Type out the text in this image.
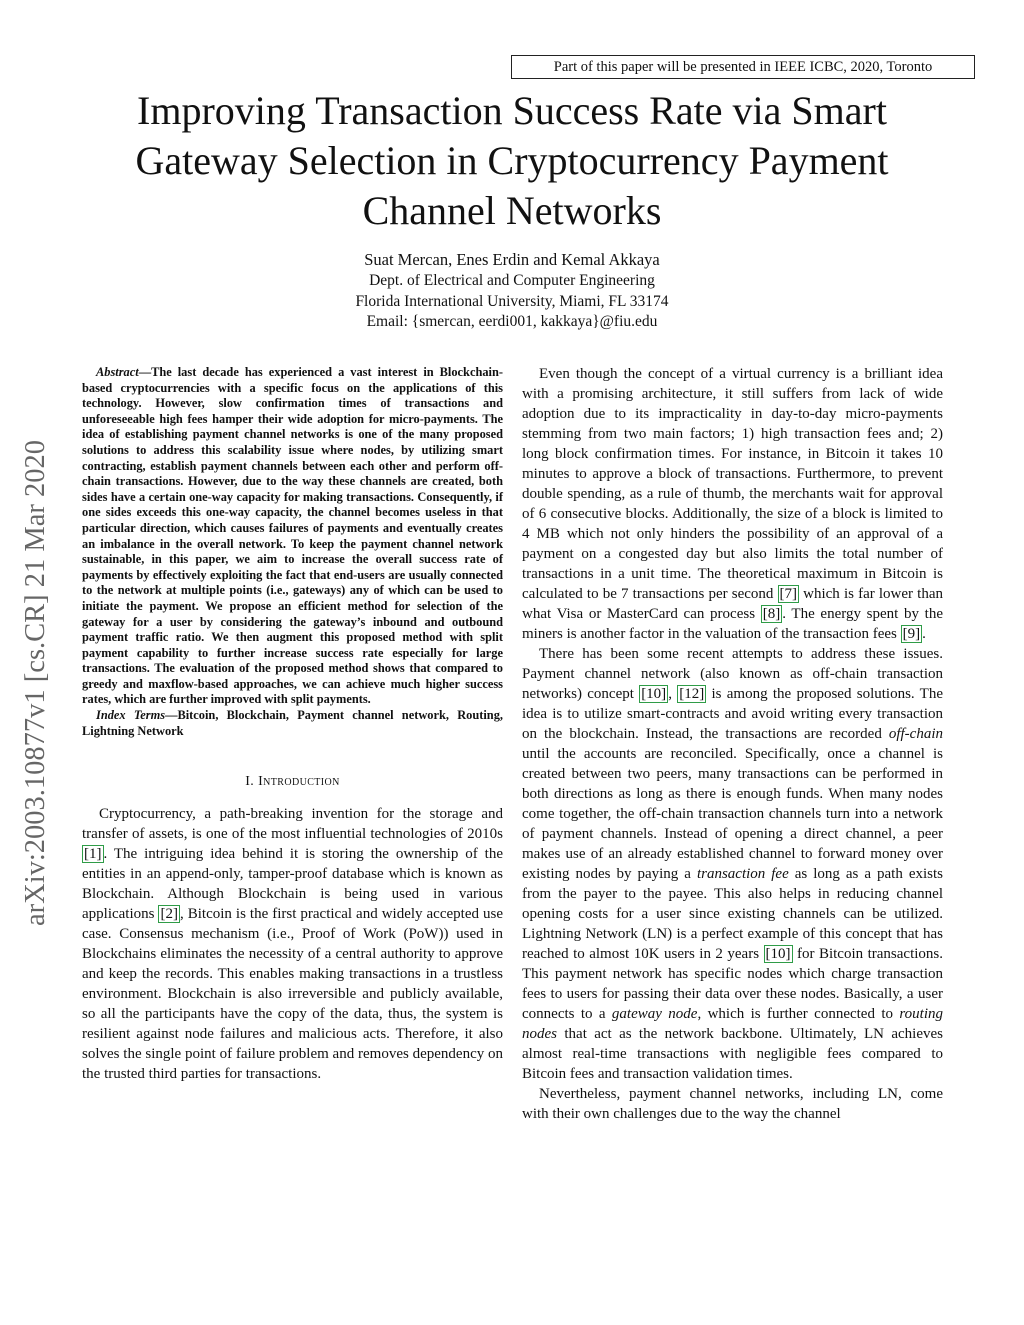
Part of this paper will be presented in IEEE ICBC, 2020, Toronto
Improving Transaction Success Rate via Smart
Gateway Selection in Cryptocurrency Payment
Channel Networks
Suat Mercan, Enes Erdin and Kemal Akkaya
Dept. of Electrical and Computer Engineering
Florida International University, Miami, FL 33174
Email: {smercan, eerdi001, kakkaya}@fiu.edu
arXiv:2003.10877v1 [cs.CR] 21 Mar 2020

Abstract—The last decade has experienced a vast interest in Blockchain-based cryptocurrencies with a specific focus on the applications of this technology. However, slow confirmation times of transactions and unforeseeable high fees hamper their wide adoption for micro-payments. The idea of establishing payment channel networks is one of the many proposed solutions to address this scalability issue where nodes, by utilizing smart contracting, establish payment channels between each other and perform off-chain transactions. However, due to the way these channels are created, both sides have a certain one-way capacity for making transactions. Consequently, if one sides exceeds this one-way capacity, the channel becomes useless in that particular direction, which causes failures of payments and eventually creates an imbalance in the overall network. To keep the payment channel network sustainable, in this paper, we aim to increase the overall success rate of payments by effectively exploiting the fact that end-users are usually connected to the network at multiple points (i.e., gateways) any of which can be used to initiate the payment. We propose an efficient method for selection of the gateway for a user by considering the gateway’s inbound and outbound payment traffic ratio. We then augment this proposed method with split payment capability to further increase success rate especially for large transactions. The evaluation of the proposed method shows that compared to greedy and maxflow-based approaches, we can achieve much higher success rates, which are further improved with split payments.

Index Terms—Bitcoin, Blockchain, Payment channel network, Routing, Lightning Network

I. Introduction

Cryptocurrency, a path-breaking invention for the storage and transfer of assets, is one of the most influential technologies of 2010s [1] . The intriguing idea behind it is storing the ownership of the entities in an append-only, tamper-proof database which is known as Blockchain. Although Blockchain is being used in various applications [2] , Bitcoin is the first practical and widely accepted use case. Consensus mechanism (i.e., Proof of Work (PoW)) used in Blockchains eliminates the necessity of a central authority to approve and keep the records. This enables making transactions in a trustless environment. Blockchain is also irreversible and publicly available, so all the participants have the copy of the data, thus, the system is resilient against node failures and malicious acts. Therefore, it also solves the single point of failure problem and removes dependency on the trusted third parties for transactions.

Even though the concept of a virtual currency is a brilliant idea with a promising architecture, it still suffers from lack of wide adoption due to its impracticality in day-to-day micro-payments stemming from two main factors; 1) high transaction fees and; 2) long block confirmation times. For instance, in Bitcoin it takes 10 minutes to approve a block of transactions. Furthermore, to prevent double spending, as a rule of thumb, the merchants wait for approval of 6 consecutive blocks. Additionally, the size of a block is limited to 4 MB which not only hinders the possibility of an approval of a payment on a congested day but also limits the total number of transactions in a unit time. The theoretical maximum in Bitcoin is calculated to be 7 transactions per second [7] which is far lower than what Visa or MasterCard can process [8] . The energy spent by the miners is another factor in the valuation of the transaction fees [9] .

There has been some recent attempts to address these issues. Payment channel network (also known as off-chain transaction networks) concept [10] , [12] is among the proposed solutions. The idea is to utilize smart-contracts and avoid writing every transaction on the blockchain. Instead, the transactions are recorded off-chain until the accounts are reconciled. Specifically, once a channel is created between two peers, many transactions can be performed in both directions as long as there is enough funds. When many nodes come together, the off-chain transaction channels turn into a network of payment channels. Instead of opening a direct channel, a peer makes use of an already established channel to forward money over existing nodes by paying a transaction fee as long as a path exists from the payer to the payee. This also helps in reducing channel opening costs for a user since existing channels can be utilized. Lightning Network (LN) is a perfect example of this concept that has reached to almost 10K users in 2 years [10] for Bitcoin transactions. This payment network has specific nodes which charge transaction fees to users for passing their data over these nodes. Basically, a user connects to a gateway node, which is further connected to routing nodes that act as the network backbone. Ultimately, LN achieves almost real-time transactions with negligible fees compared to Bitcoin fees and transaction validation times.

Nevertheless, payment channel networks, including LN, come with their own challenges due to the way the channel
